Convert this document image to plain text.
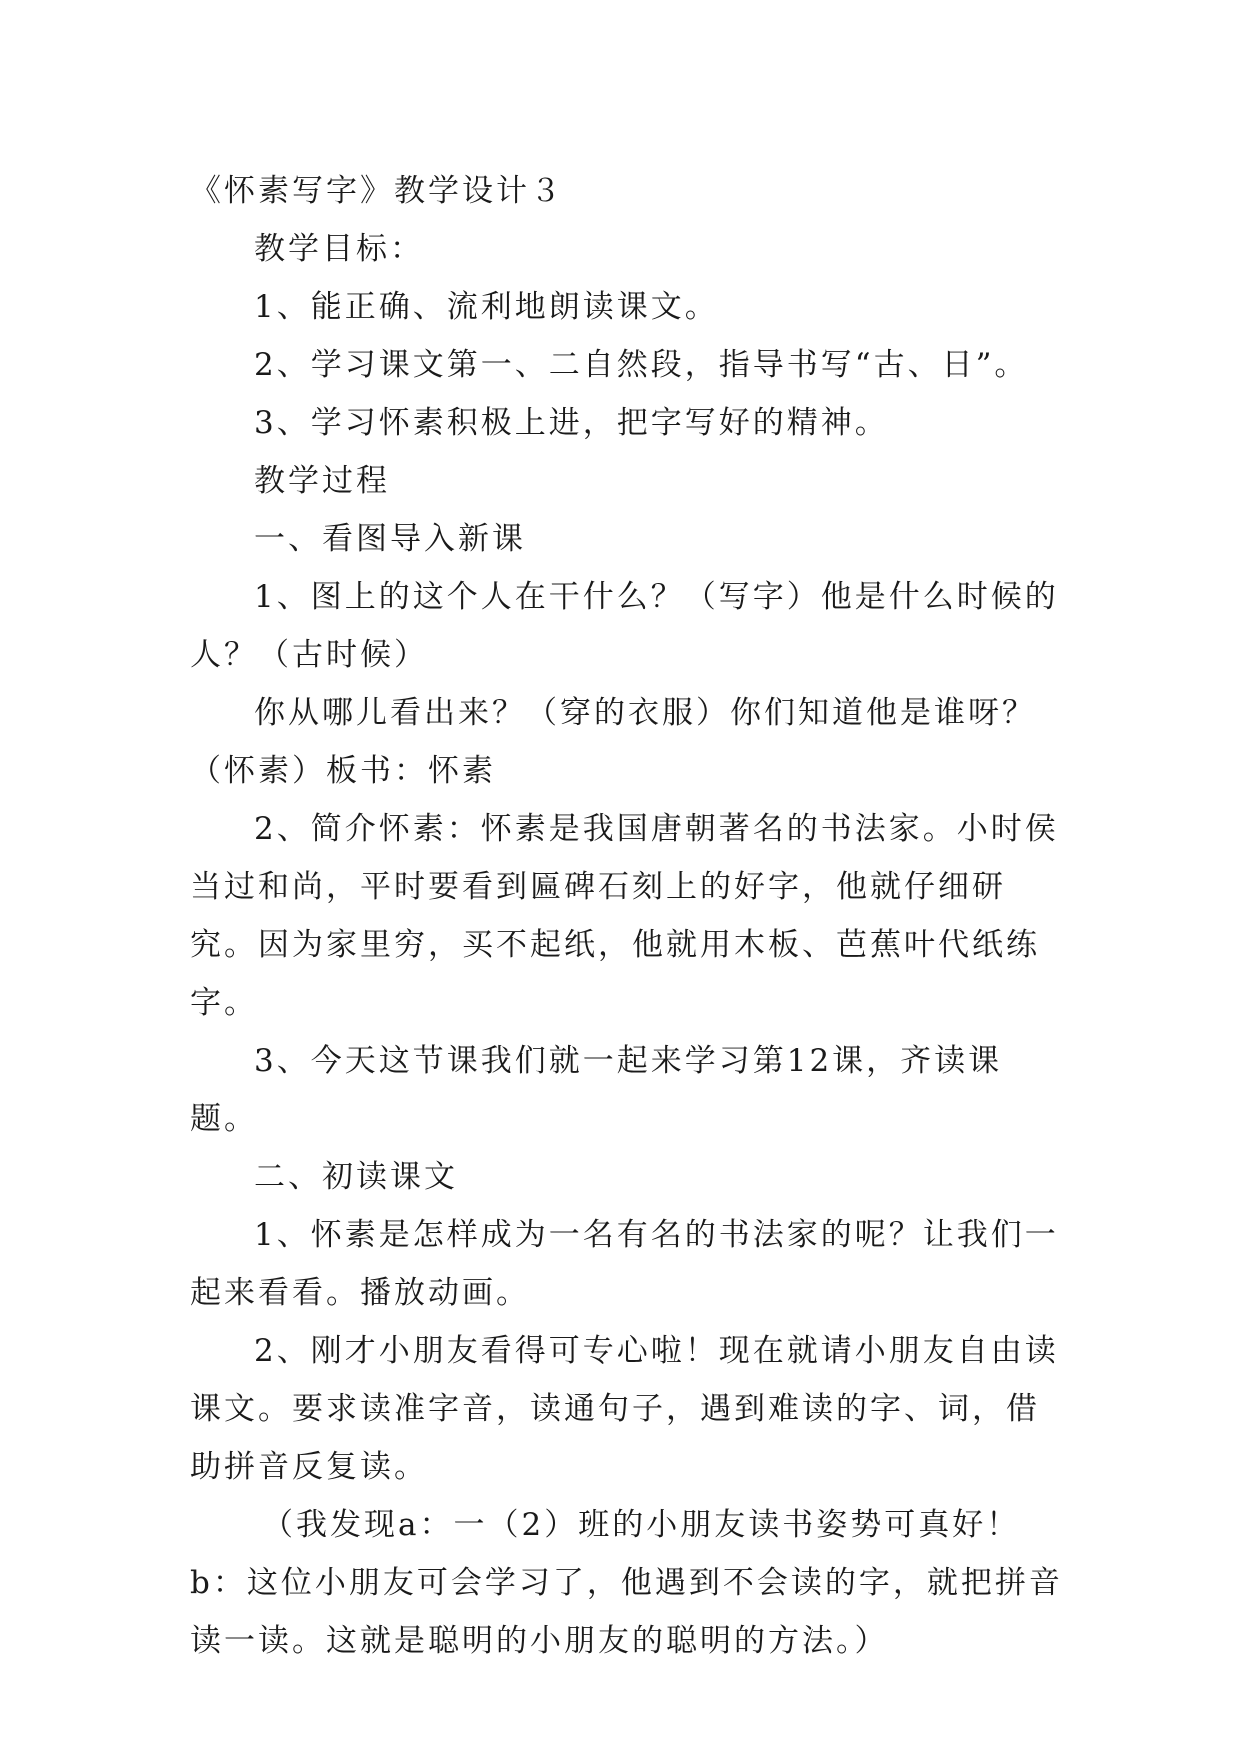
《怀素写字》教学设计３

教学目标：

1、能正确、流利地朗读课文。

2、学习课文第一、二自然段，指导书写“古、日”。

3、学习怀素积极上进，把字写好的精神。

教学过程

一、看图导入新课

1、图上的这个人在干什么？（写字）他是什么时候的人？（古时候）

你从哪儿看出来？（穿的衣服）你们知道他是谁呀？（怀素）板书：怀素

2、简介怀素：怀素是我国唐朝著名的书法家。小时侯当过和尚，平时要看到匾碑石刻上的好字，他就仔细研究。因为家里穷，买不起纸，他就用木板、芭蕉叶代纸练字。

3、今天这节课我们就一起来学习第12课，齐读课题。

二、初读课文

1、怀素是怎样成为一名有名的书法家的呢？让我们一起来看看。播放动画。

2、刚才小朋友看得可专心啦！现在就请小朋友自由读课文。要求读准字音，读通句子，遇到难读的字、词，借助拼音反复读。

（我发现a：一（2）班的小朋友读书姿势可真好！b：这位小朋友可会学习了，他遇到不会读的字，就把拼音读一读。这就是聪明的小朋友的聪明的方法。）
